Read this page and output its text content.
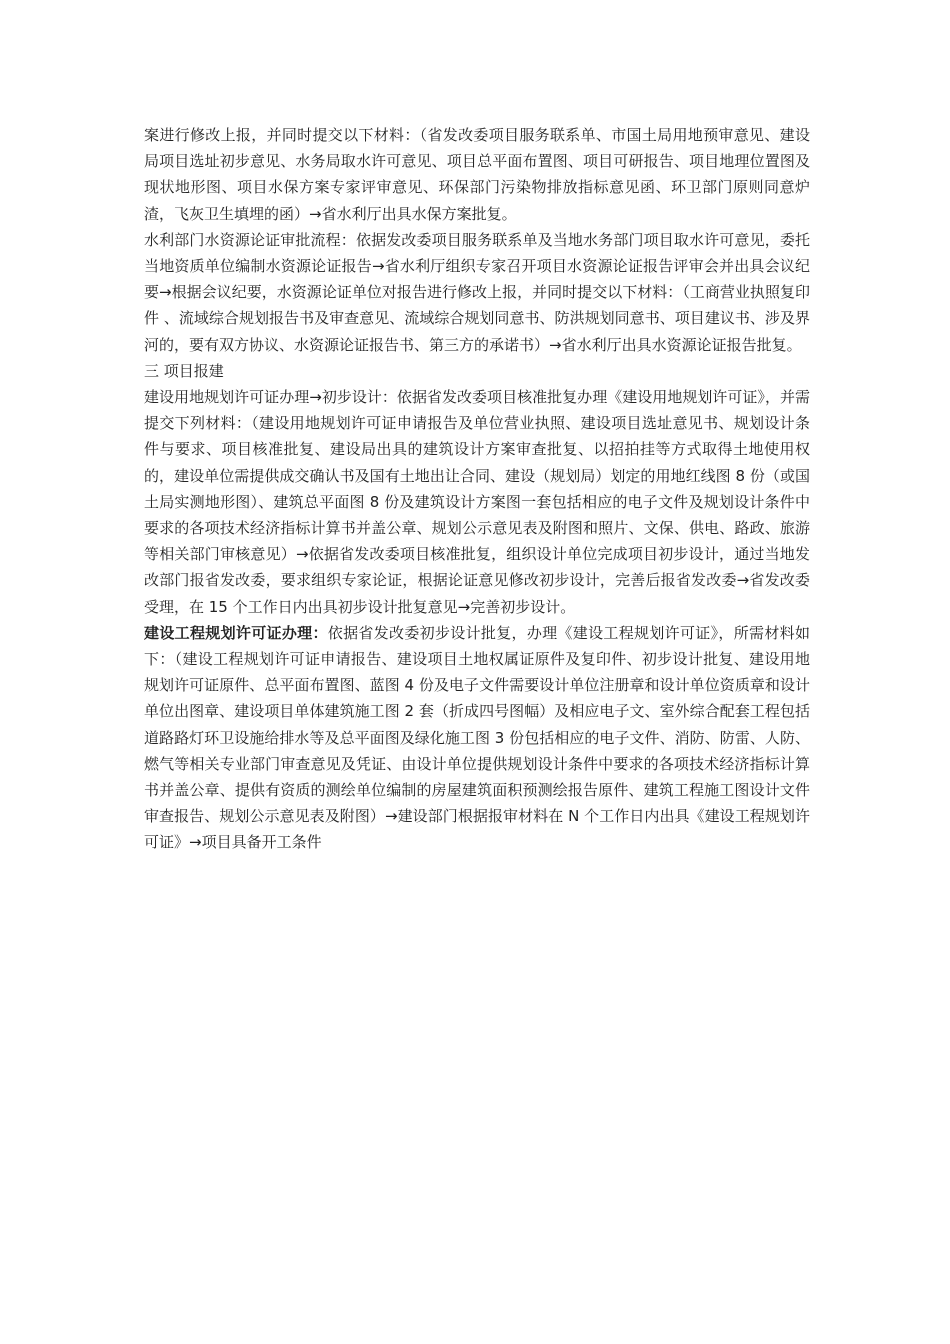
案进行修改上报，并同时提交以下材料：（省发改委项目服务联系单、市国土局用地预审意见、建设局项目选址初步意见、水务局取水许可意见、项目总平面布置图、项目可研报告、项目地理位置图及现状地形图、项目水保方案专家评审意见、环保部门污染物排放指标意见函、环卫部门原则同意炉渣，飞灰卫生填埋的函）→省水利厅出具水保方案批复。

水利部门水资源论证审批流程：依据发改委项目服务联系单及当地水务部门项目取水许可意见，委托当地资质单位编制水资源论证报告→省水利厅组织专家召开项目水资源论证报告评审会并出具会议纪要→根据会议纪要，水资源论证单位对报告进行修改上报，并同时提交以下材料：（工商营业执照复印件 、流域综合规划报告书及审查意见、流域综合规划同意书、防洪规划同意书、项目建议书、涉及界河的，要有双方协议、水资源论证报告书、第三方的承诺书）→省水利厅出具水资源论证报告批复。

三 项目报建

建设用地规划许可证办理→初步设计：依据省发改委项目核准批复办理《建设用地规划许可证》，并需提交下列材料：（建设用地规划许可证申请报告及单位营业执照、建设项目选址意见书、规划设计条件与要求、项目核准批复、建设局出具的建筑设计方案审查批复、以招拍挂等方式取得土地使用权的，建设单位需提供成交确认书及国有土地出让合同、建设（规划局）划定的用地红线图 8 份（或国土局实测地形图）、建筑总平面图 8 份及建筑设计方案图一套包括相应的电子文件及规划设计条件中要求的各项技术经济指标计算书并盖公章、规划公示意见表及附图和照片、文保、供电、路政、旅游等相关部门审核意见）→依据省发改委项目核准批复，组织设计单位完成项目初步设计，通过当地发改部门报省发改委，要求组织专家论证，根据论证意见修改初步设计，完善后报省发改委→省发改委受理，在 15 个工作日内出具初步设计批复意见→完善初步设计。

建设工程规划许可证办理：依据省发改委初步设计批复，办理《建设工程规划许可证》，所需材料如下：（建设工程规划许可证申请报告、建设项目土地权属证原件及复印件、初步设计批复、建设用地规划许可证原件、总平面布置图、蓝图 4 份及电子文件需要设计单位注册章和设计单位资质章和设计单位出图章、建设项目单体建筑施工图 2 套（折成四号图幅）及相应电子文、室外综合配套工程包括道路路灯环卫设施给排水等及总平面图及绿化施工图 3 份包括相应的电子文件、消防、防雷、人防、燃气等相关专业部门审查意见及凭证、由设计单位提供规划设计条件中要求的各项技术经济指标计算书并盖公章、提供有资质的测绘单位编制的房屋建筑面积预测绘报告原件、建筑工程施工图设计文件审查报告、规划公示意见表及附图）→建设部门根据报审材料在 N 个工作日内出具《建设工程规划许可证》→项目具备开工条件
